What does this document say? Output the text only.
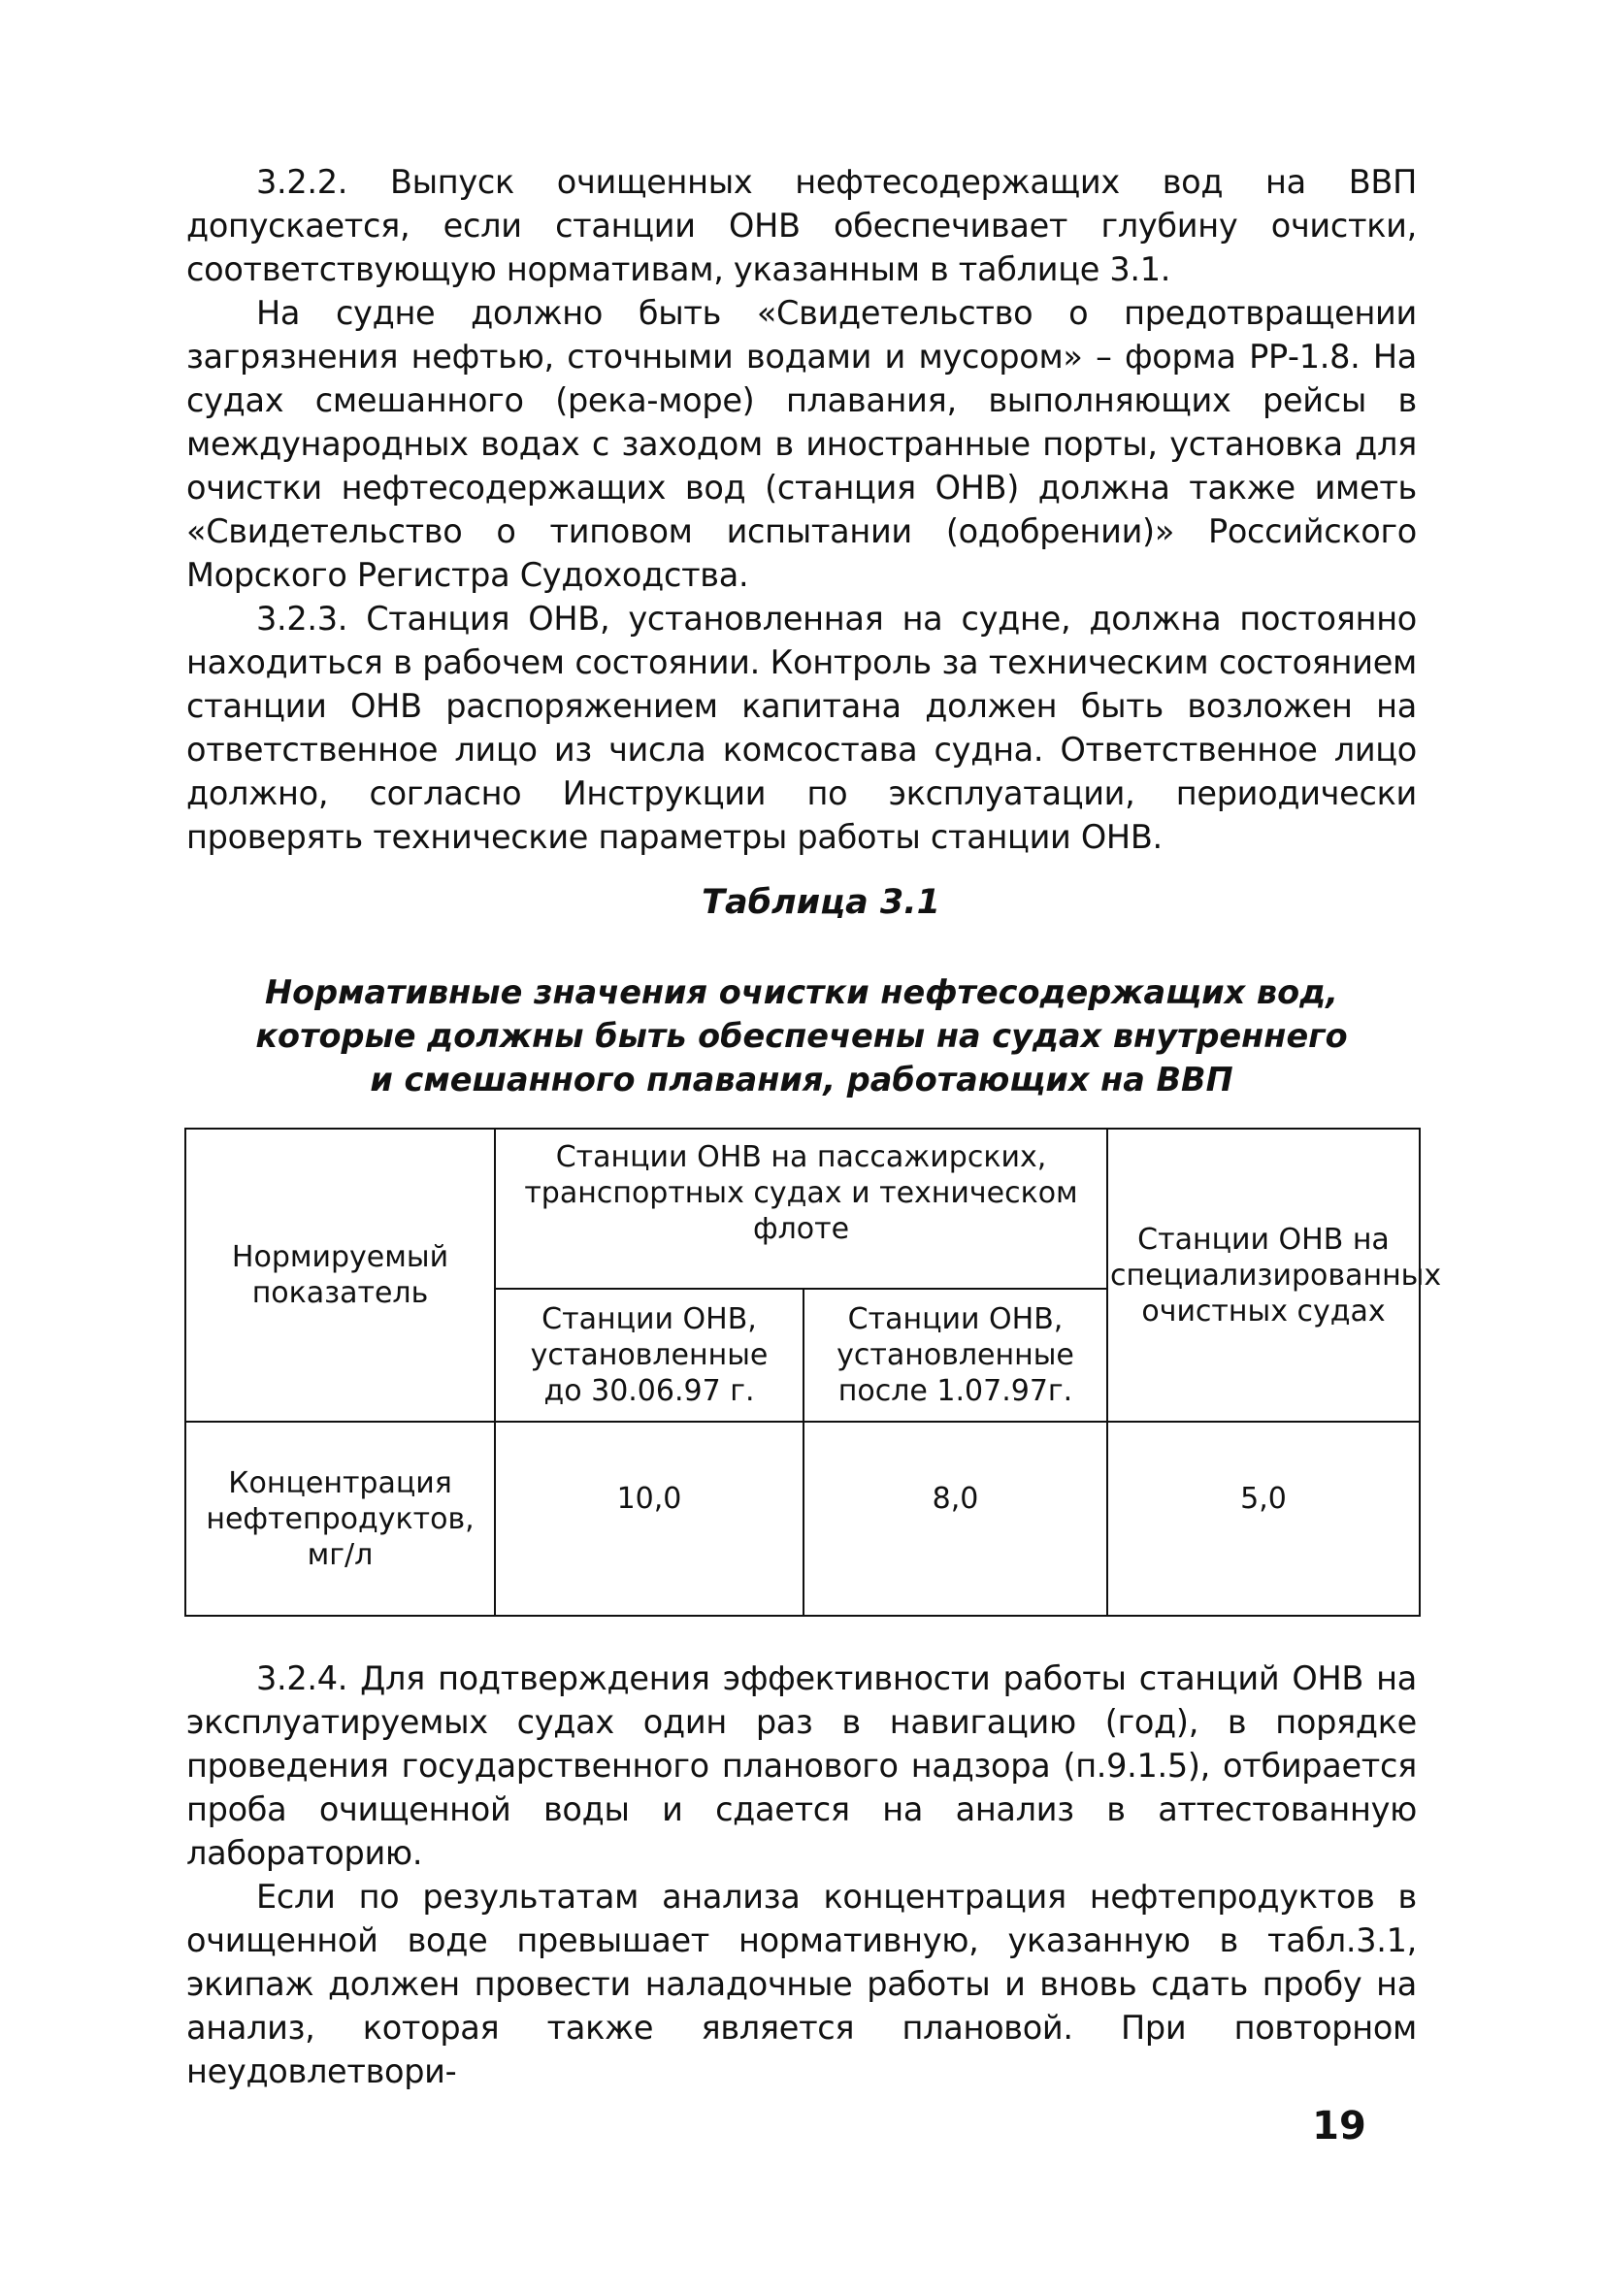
3.2.2. Выпуск очищенных нефтесодержащих вод на ВВП допускается, если станции ОНВ обеспечивает глубину очистки, соответствующую нормативам, указанным в таблице 3.1.

На судне должно быть «Свидетельство о предотвращении загрязнения нефтью, сточными водами и мусором» – форма РР-1.8. На судах смешанного (река-море) плавания, выполняющих рейсы в международных водах с заходом в иностранные порты, установка для очистки нефтесодержащих вод (станция ОНВ) должна также иметь «Свидетельство о типовом испытании (одобрении)» Российского Морского Регистра Судоходства.

3.2.3. Станция ОНВ, установленная на судне, должна постоянно находиться в рабочем состоянии. Контроль за техническим состоянием станции ОНВ распоряжением капитана должен быть возложен на ответственное лицо из числа комсостава судна. Ответственное лицо должно, согласно Инструкции по эксплуатации, периодически проверять технические параметры работы станции ОНВ.

Таблица 3.1
Нормативные значения очистки нефтесодержащих вод,
которые должны быть обеспечены на судах внутреннего
и смешанного плавания, работающих на ВВП
Нормируемый показатель	Станции ОНВ на пассажирских, транспортных судах и техническом флоте		Станции ОНВ на специализированных очистных судах
	Станции ОНВ, установленные до 30.06.97 г.	Станции ОНВ, установленные после 1.07.97г.	
Концентрация нефтепродуктов, мг/л	10,0	8,0	5,0

3.2.4. Для подтверждения эффективности работы станций ОНВ на эксплуатируемых судах один раз в навигацию (год), в порядке проведения государственного планового надзора (п.9.1.5), отбирается проба очищенной воды и сдается на анализ в аттестованную лабораторию.

Если по результатам анализа концентрация нефтепродуктов в очищенной воде превышает нормативную, указанную в табл.3.1, экипаж должен провести наладочные работы и вновь сдать пробу на анализ, которая также является плановой. При повторном неудовлетвори-

19
